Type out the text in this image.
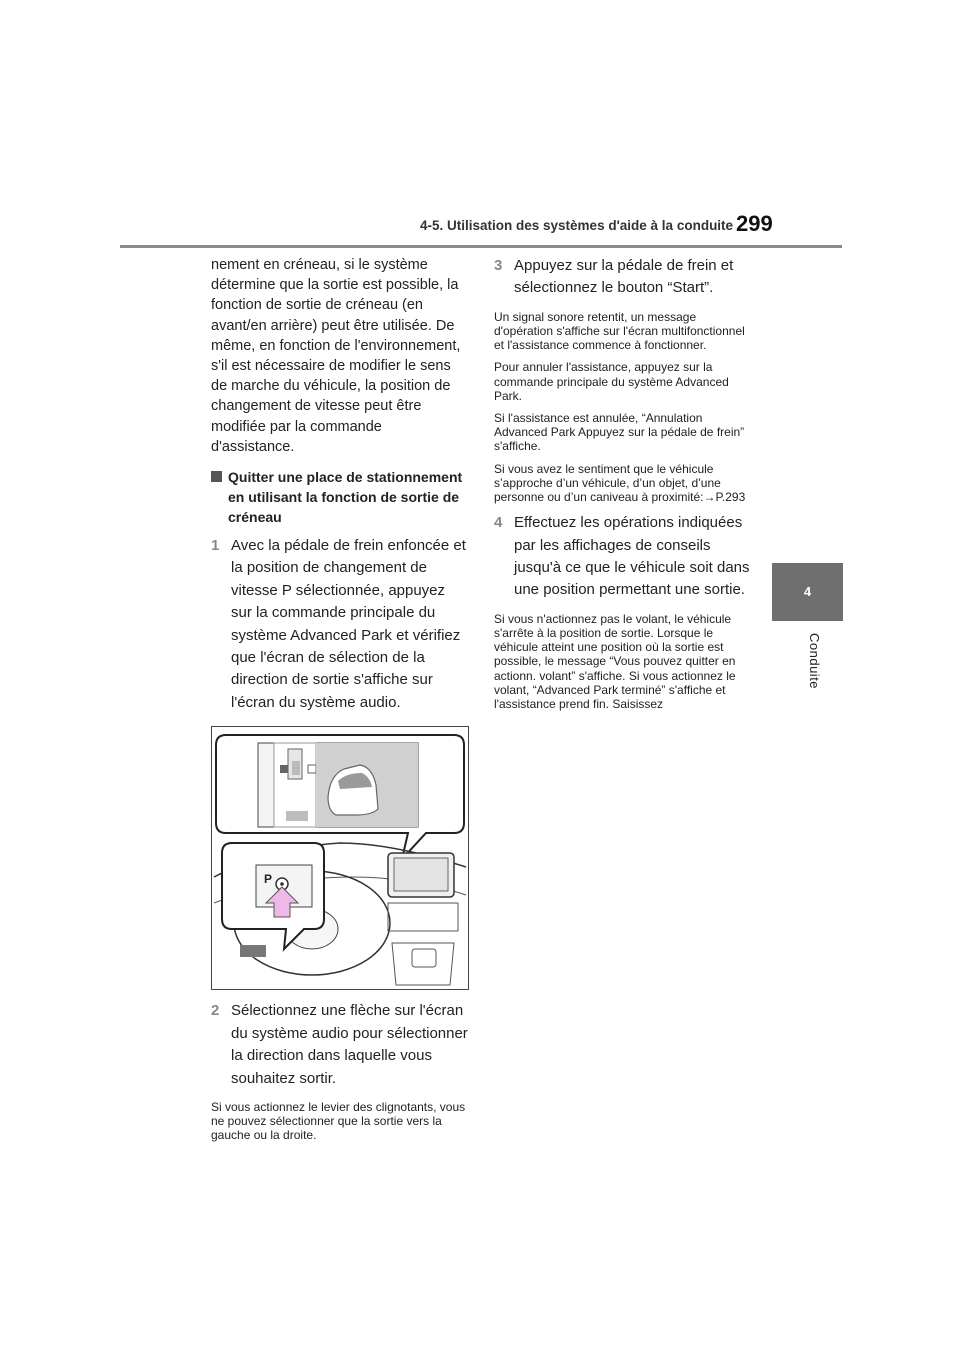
4-5. Utilisation des systèmes d'aide à la conduite 299
4
Conduite

nement en créneau, si le système détermine que la sortie est possible, la fonction de sortie de créneau (en avant/en arrière) peut être utilisée. De même, en fonction de l'environnement, s'il est nécessaire de modifier le sens de marche du véhicule, la position de changement de vitesse peut être modifiée par la commande d'assistance.

Quitter une place de stationnement en utilisant la fonction de sortie de créneau
1 Avec la pédale de frein enfoncée et la position de changement de vitesse P sélectionnée, appuyez sur la commande principale du système Advanced Park et vérifiez que l'écran de sélection de la direction de sortie s'affiche sur l'écran du système audio.
P
2 Sélectionnez une flèche sur l'écran du système audio pour sélectionner la direction dans laquelle vous souhaitez sortir.

Si vous actionnez le levier des clignotants, vous ne pouvez sélectionner que la sortie vers la gauche ou la droite.

3 Appuyez sur la pédale de frein et sélectionnez le bouton “Start”.

Un signal sonore retentit, un message d'opération s'affiche sur l'écran multifonctionnel et l'assistance commence à fonctionner.

Pour annuler l'assistance, appuyez sur la commande principale du système Advanced Park.

Si l'assistance est annulée, “Annulation Advanced Park Appuyez sur la pédale de frein” s'affiche.

Si vous avez le sentiment que le véhicule s’approche d’un véhicule, d’un objet, d’une personne ou d’un caniveau à proximité:→P.293

4 Effectuez les opérations indiquées par les affichages de conseils jusqu'à ce que le véhicule soit dans une position permettant une sortie.

Si vous n'actionnez pas le volant, le véhicule s'arrête à la position de sortie. Lorsque le véhicule atteint une position où la sortie est possible, le message “Vous pouvez quitter en actionn. volant” s'affiche. Si vous actionnez le volant, “Advanced Park terminé” s'affiche et l'assistance prend fin. Saisissez
